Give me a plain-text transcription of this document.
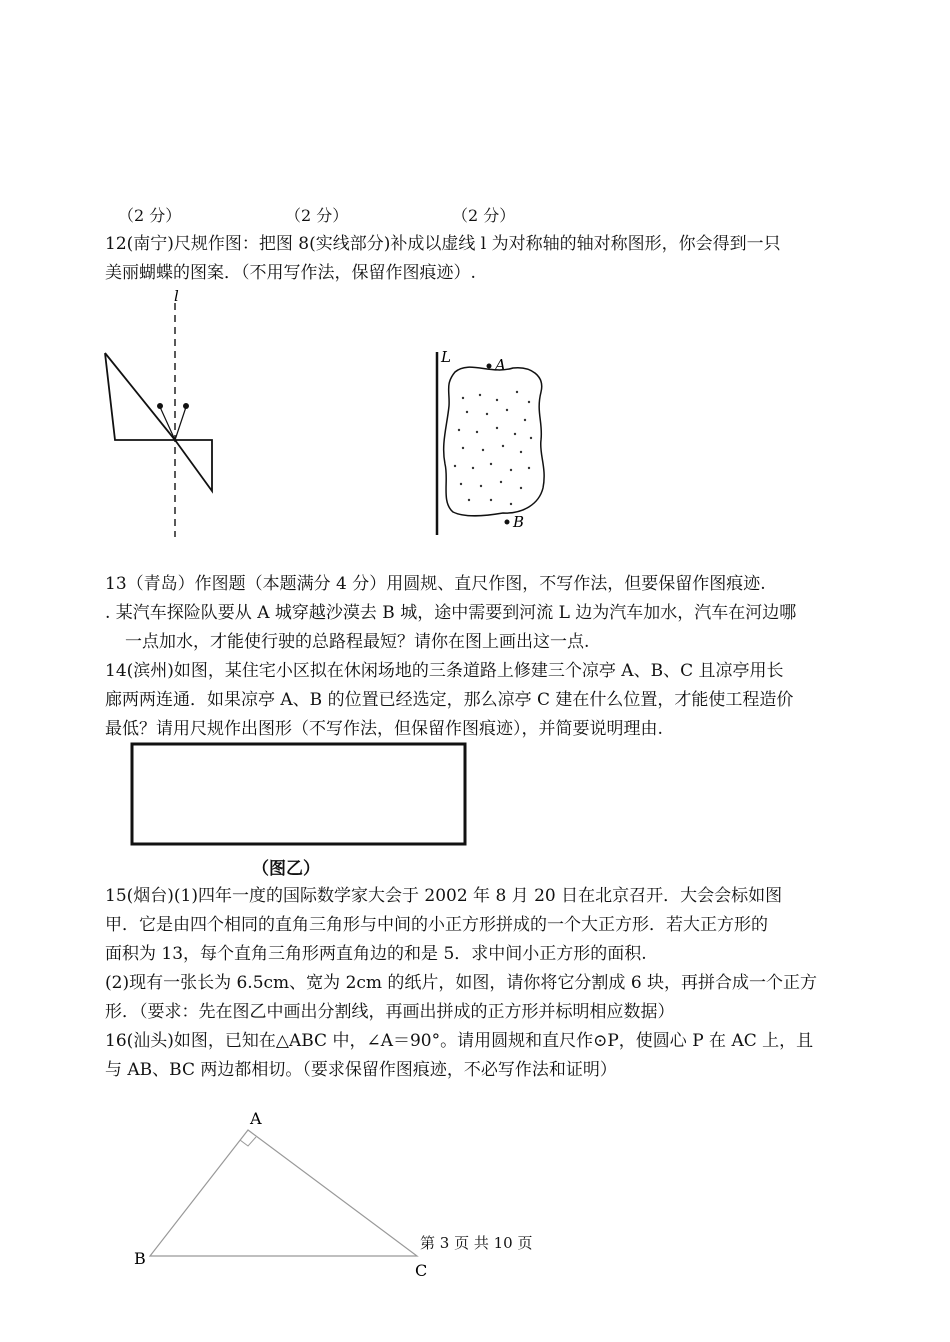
（2 分）	（2 分）	（2 分）
12(南宁)尺规作图：把图 8(实线部分)补成以虚线 l 为对称轴的轴对称图形，你会得到一只
美丽蝴蝶的图案．（不用写作法，保留作图痕迹）.
l
L	A
B
13（青岛）作图题（本题满分 4 分）用圆规、直尺作图，不写作法，但要保留作图痕迹.
. 某汽车探险队要从 A 城穿越沙漠去 B 城，途中需要到河流 L 边为汽车加水，汽车在河边哪
一点加水，才能使行驶的总路程最短？请你在图上画出这一点.
14(滨州)如图，某住宅小区拟在休闲场地的三条道路上修建三个凉亭 A、B、C 且凉亭用长
廊两两连通．如果凉亭 A、B 的位置已经选定，那么凉亭 C 建在什么位置，才能使工程造价
最低？请用尺规作出图形（不写作法，但保留作图痕迹），并简要说明理由.
（图乙）
15(烟台)(1)四年一度的国际数学家大会于 2002 年 8 月 20 日在北京召开．大会会标如图
甲．它是由四个相同的直角三角形与中间的小正方形拼成的一个大正方形．若大正方形的
面积为 13，每个直角三角形两直角边的和是 5．求中间小正方形的面积.
(2)现有一张长为 6.5cm、宽为 2cm 的纸片，如图，请你将它分割成 6 块，再拼合成一个正方
形．（要求：先在图乙中画出分割线，再画出拼成的正方形并标明相应数据）
16(汕头)如图，已知在△ABC 中，∠A＝90°。请用圆规和直尺作⊙P，使圆心 P 在 AC 上，且
与 AB、BC 两边都相切。（要求保留作图痕迹，不必写作法和证明）
A
B
C
第 3 页 共 10 页
